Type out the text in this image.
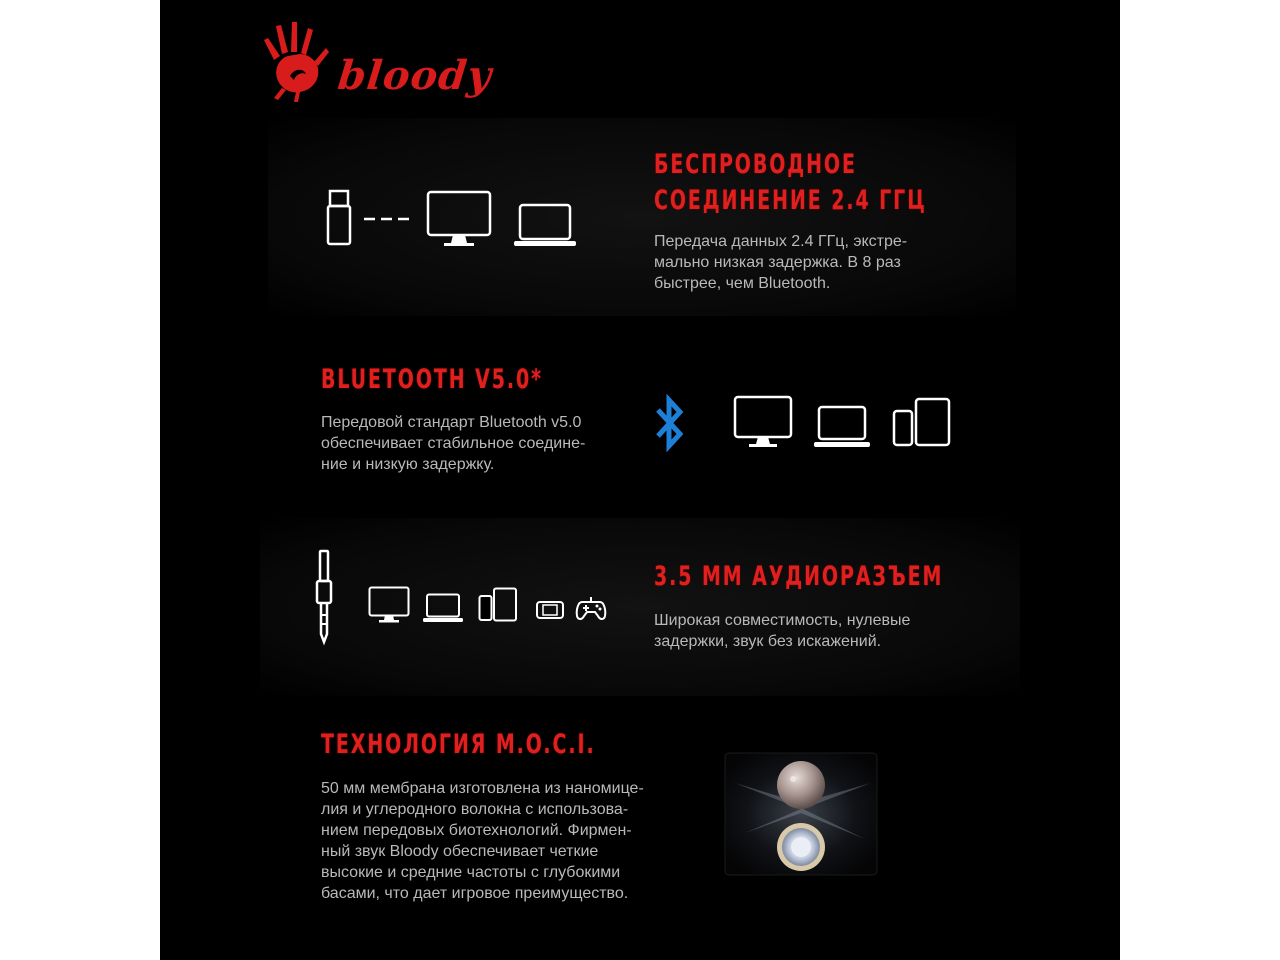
bloody
БЕСПРОВОДНОЕ
СОЕДИНЕНИЕ 2.4 ГГЦ
Передача данных 2.4 ГГц, экстре-
мально низкая задержка. В 8 раз
быстрее, чем Bluetooth.
BLUETOOTH V5.0*
Передовой стандарт Bluetooth v5.0
обеспечивает стабильное соедине-
ние и низкую задержку.
3.5 ММ АУДИОРАЗЪЕМ
Широкая совместимость, нулевые
задержки, звук без искажений.
ТЕХНОЛОГИЯ M.O.C.I.
50 мм мембрана изготовлена из наномице-
лия и углеродного волокна с использова-
нием передовых биотехнологий. Фирмен-
ный звук Bloody обеспечивает четкие
высокие и средние частоты с глубокими
басами, что дает игровое преимущество.
